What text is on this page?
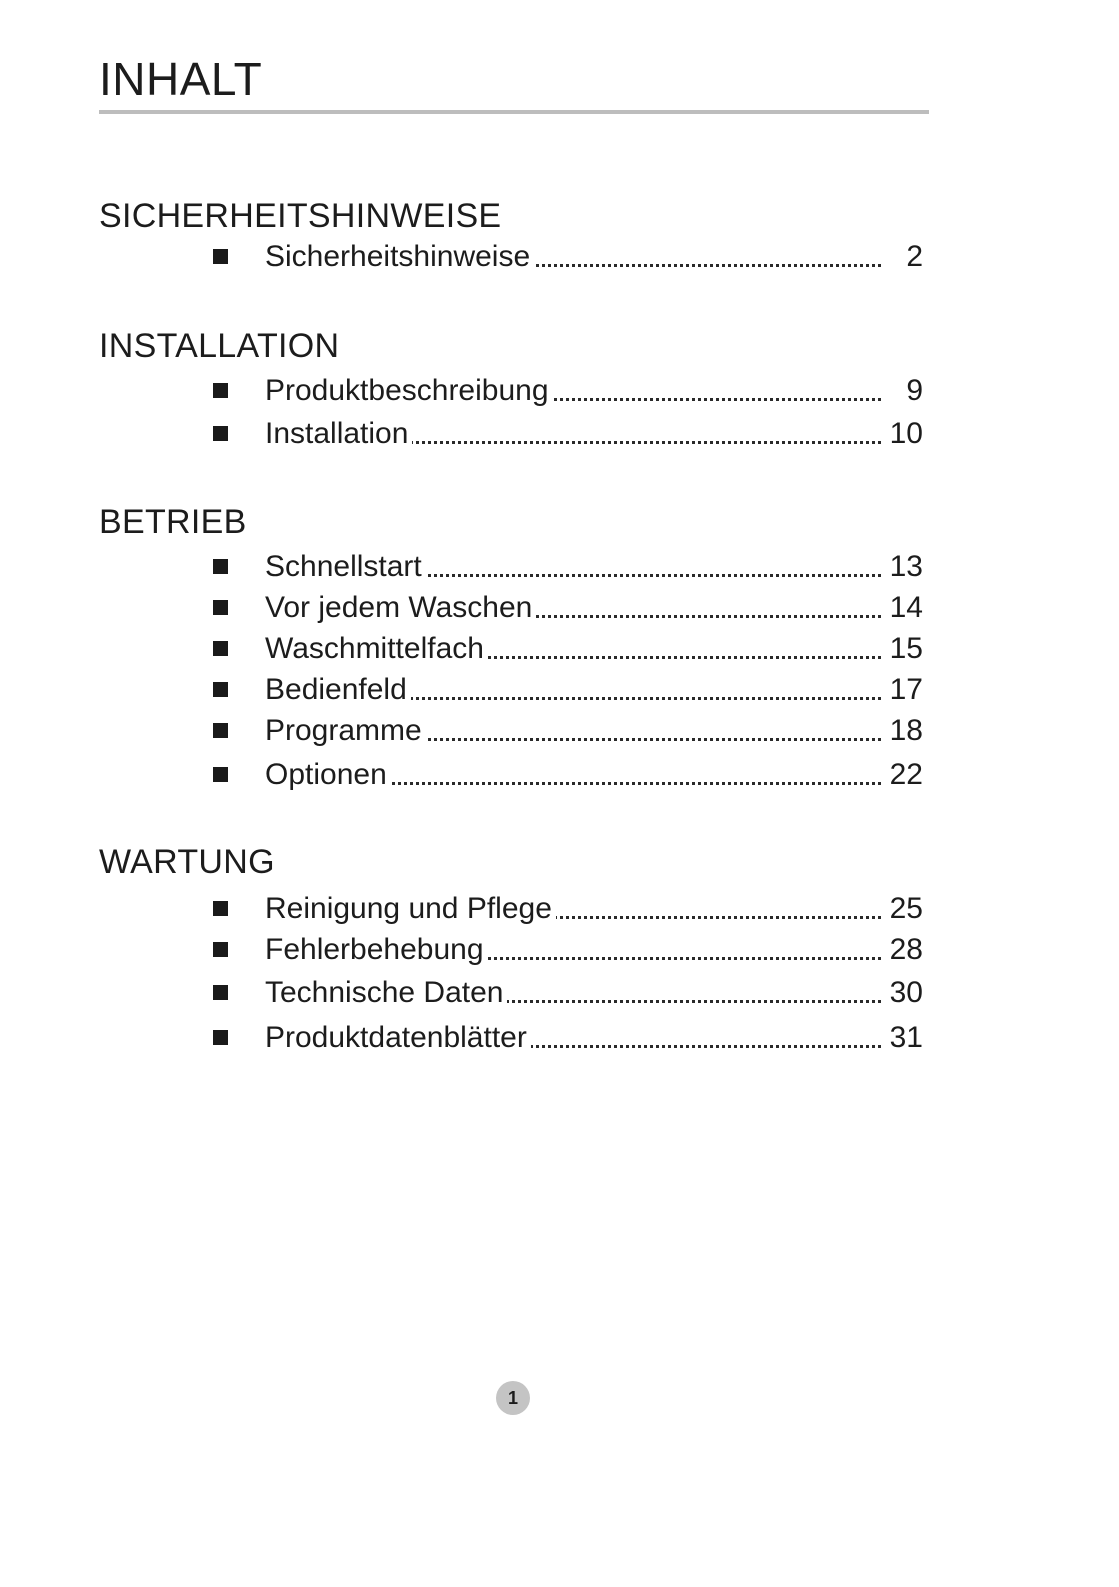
INHALT
SICHERHEITSHINWEISE
Sicherheitshinweise	2
INSTALLATION
Produktbeschreibung	9
Installation	10
BETRIEB
Schnellstart	13
Vor jedem Waschen	14
Waschmittelfach	15
Bedienfeld	17
Programme	18
Optionen	22
WARTUNG
Reinigung und Pflege	25
Fehlerbehebung	28
Technische Daten	30
Produktdatenblätter	31
1
